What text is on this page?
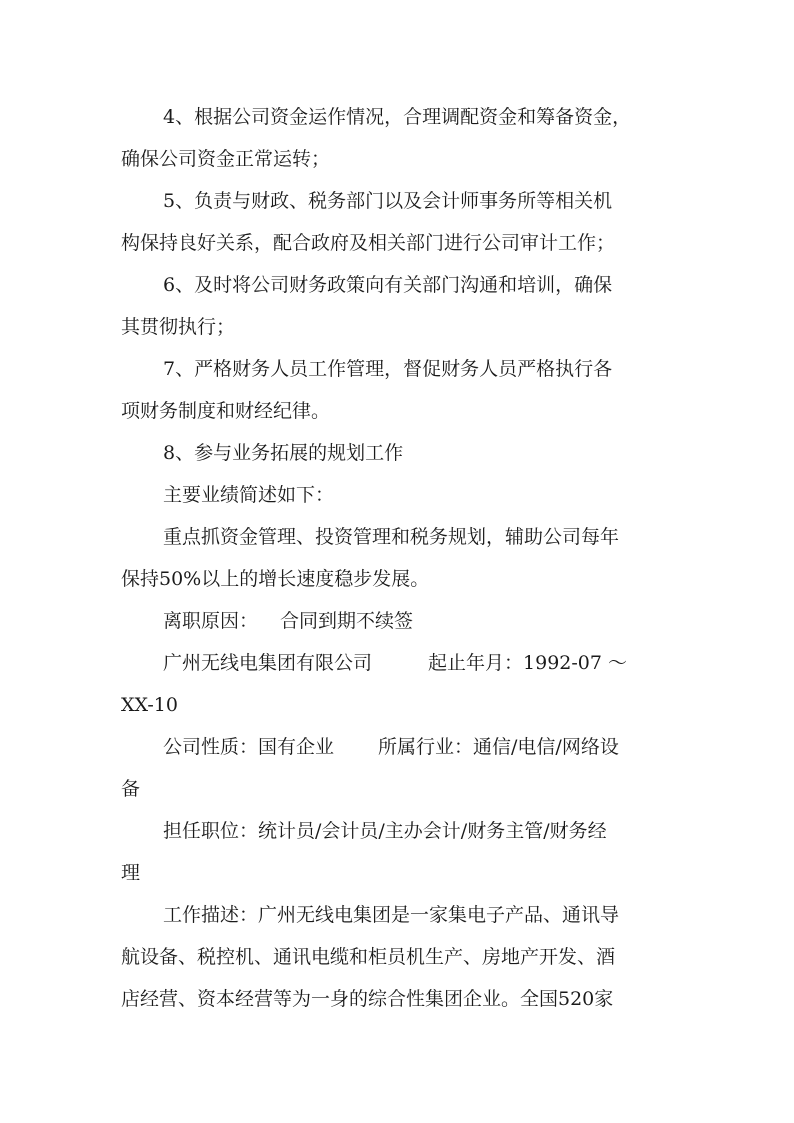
4、根据公司资金运作情况，合理调配资金和筹备资金，
确保公司资金正常运转；
5、负责与财政、税务部门以及会计师事务所等相关机
构保持良好关系，配合政府及相关部门进行公司审计工作；
6、及时将公司财务政策向有关部门沟通和培训，确保
其贯彻执行；
7、严格财务人员工作管理，督促财务人员严格执行各
项财务制度和财经纪律。
8、参与业务拓展的规划工作
主要业绩简述如下：
重点抓资金管理、投资管理和税务规划，辅助公司每年
保持50%以上的增长速度稳步发展。
离职原因： 合同到期不续签
广州无线电集团有限公司	起止年月：1992-07 ～
XX-10
公司性质：国有企业 所属行业：通信/电信/网络设
备
担任职位：统计员/会计员/主办会计/财务主管/财务经
理
工作描述：广州无线电集团是一家集电子产品、通讯导
航设备、税控机、通讯电缆和柜员机生产、房地产开发、酒
店经营、资本经营等为一身的综合性集团企业。全国520家
